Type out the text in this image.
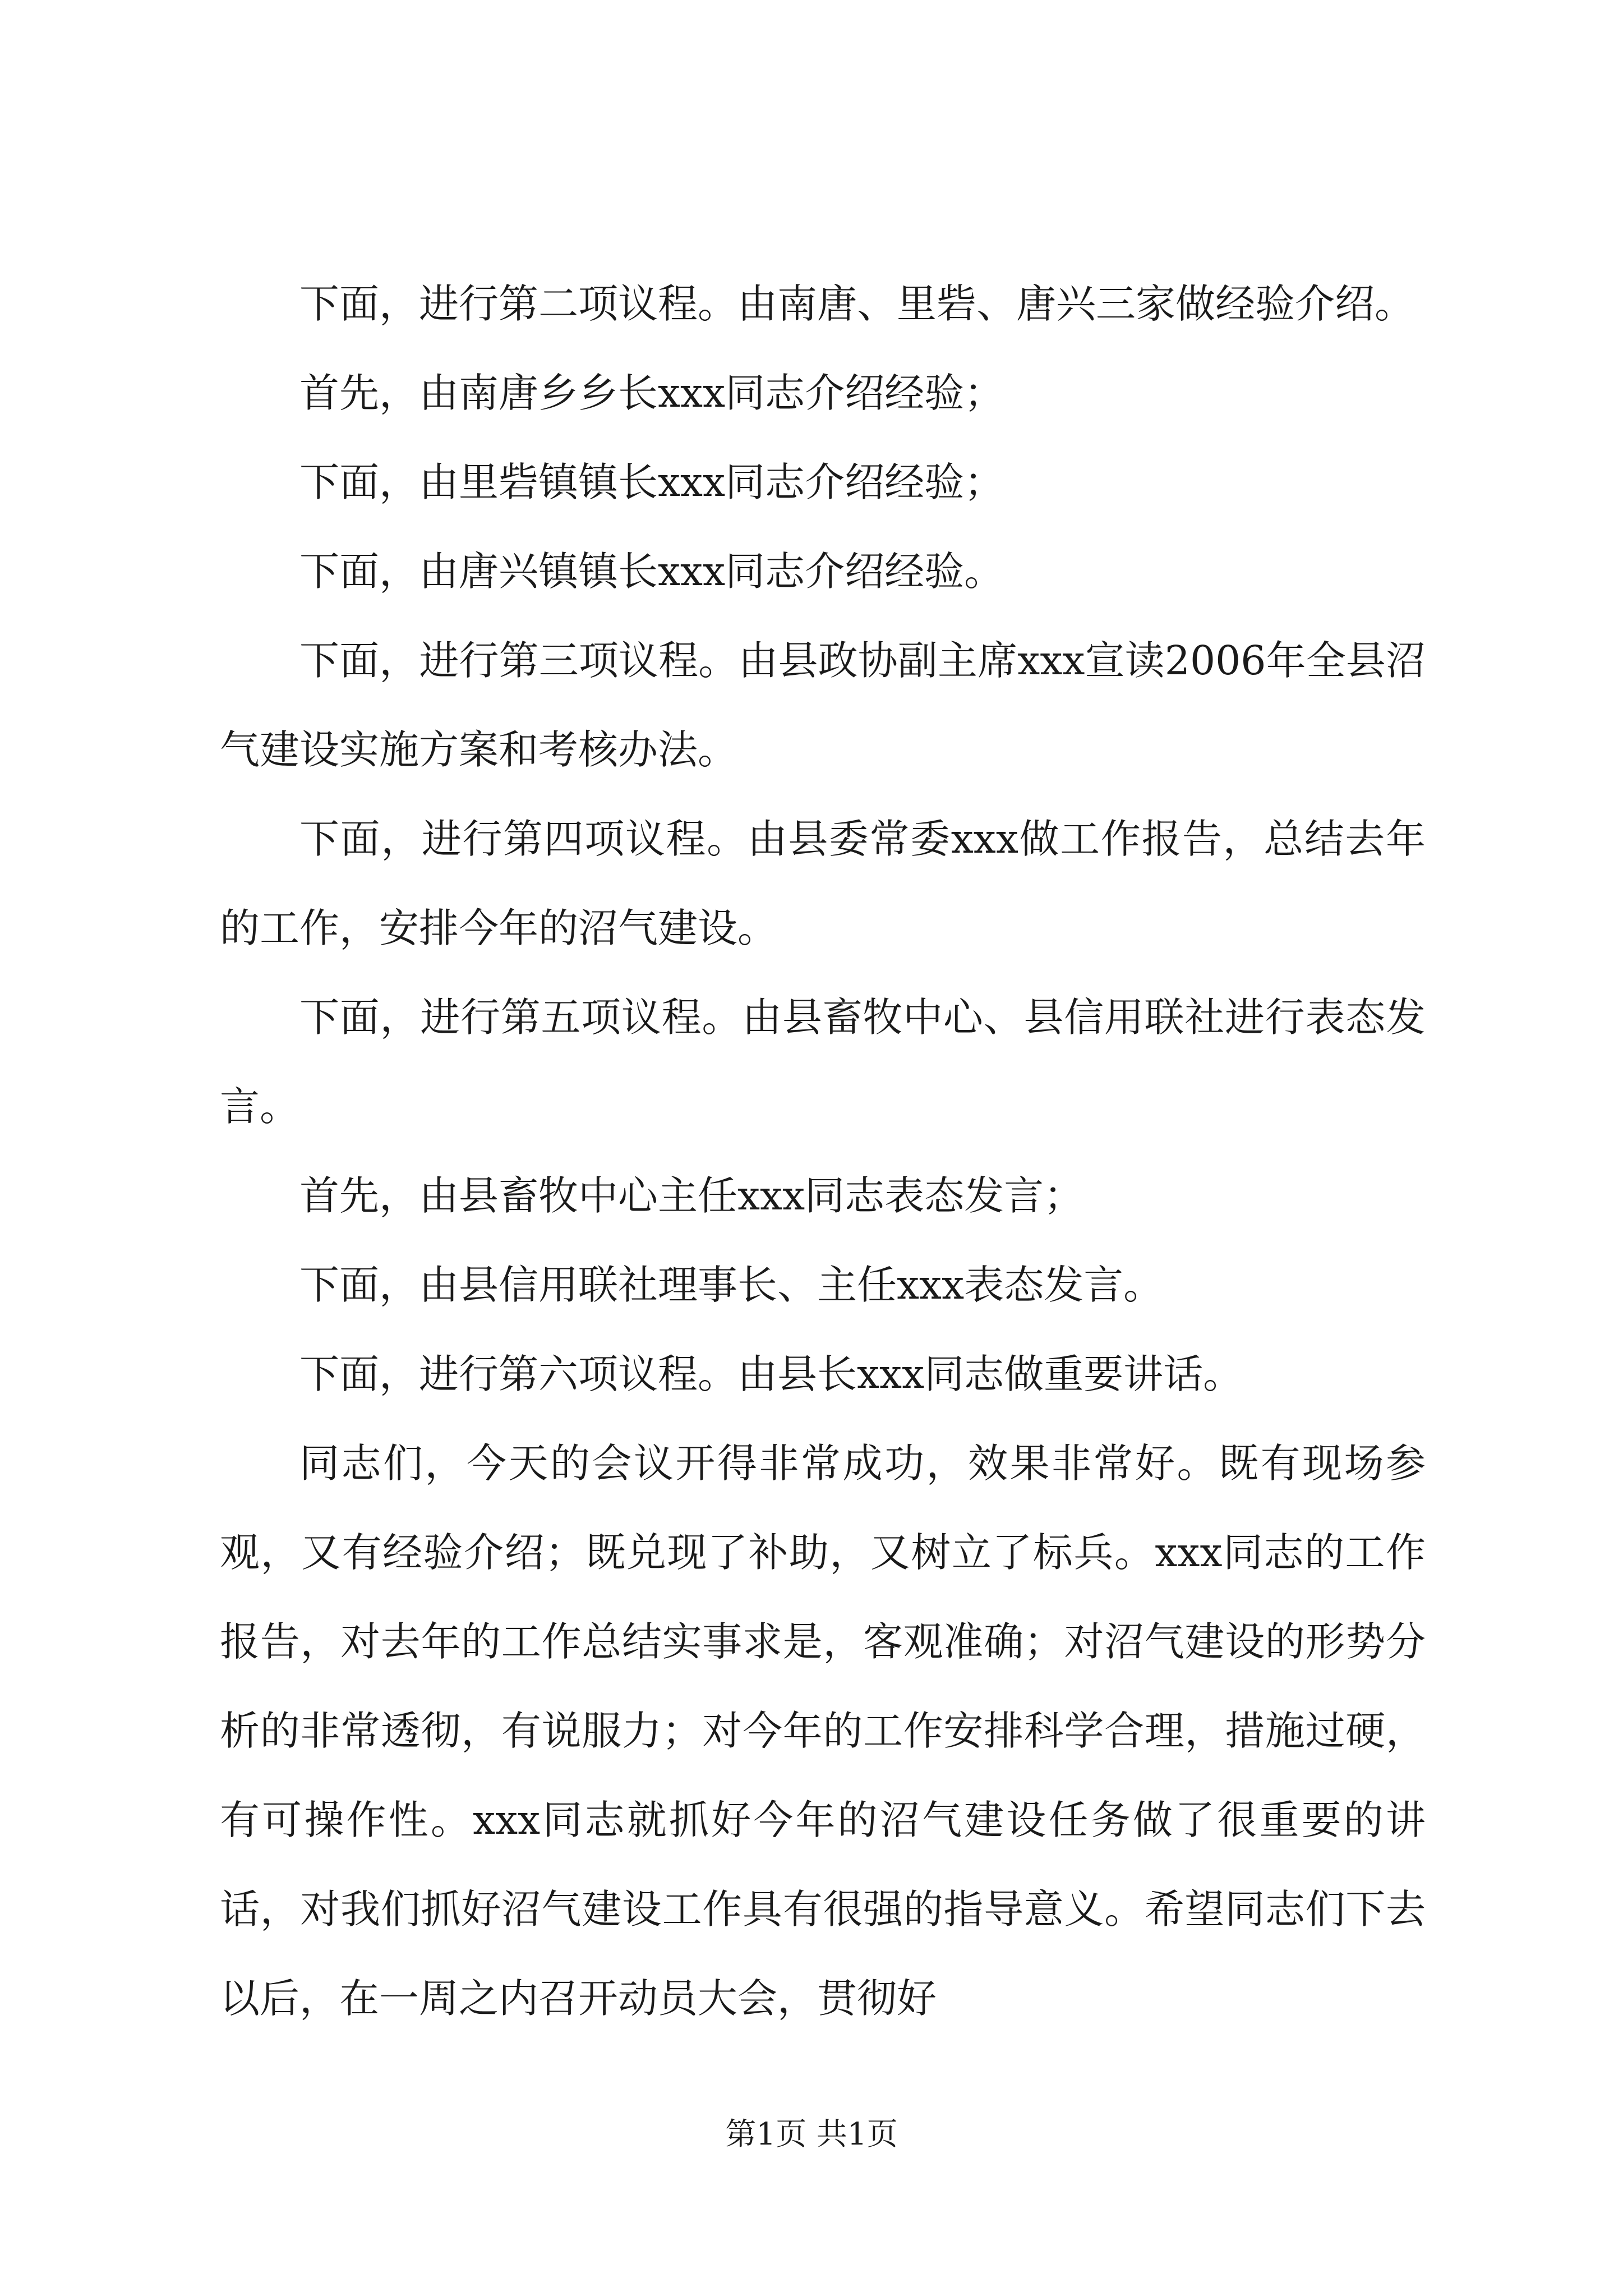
下面，进行第二项议程。由南唐、里砦、唐兴三家做经验介绍。

首先，由南唐乡乡长xxx同志介绍经验；

下面，由里砦镇镇长xxx同志介绍经验；

下面，由唐兴镇镇长xxx同志介绍经验。

下面，进行第三项议程。由县政协副主席xxx宣读2006年全县沼气建设实施方案和考核办法。

下面，进行第四项议程。由县委常委xxx做工作报告，总结去年的工作，安排今年的沼气建设。

下面，进行第五项议程。由县畜牧中心、县信用联社进行表态发言。

首先，由县畜牧中心主任xxx同志表态发言；

下面，由县信用联社理事长、主任xxx表态发言。

下面，进行第六项议程。由县长xxx同志做重要讲话。

同志们，今天的会议开得非常成功，效果非常好。既有现场参观，又有经验介绍；既兑现了补助，又树立了标兵。xxx同志的工作报告，对去年的工作总结实事求是，客观准确；对沼气建设的形势分析的非常透彻，有说服力；对今年的工作安排科学合理，措施过硬，有可操作性。xxx同志就抓好今年的沼气建设任务做了很重要的讲话，对我们抓好沼气建设工作具有很强的指导意义。希望同志们下去以后，在一周之内召开动员大会，贯彻好

第1页 共1页
